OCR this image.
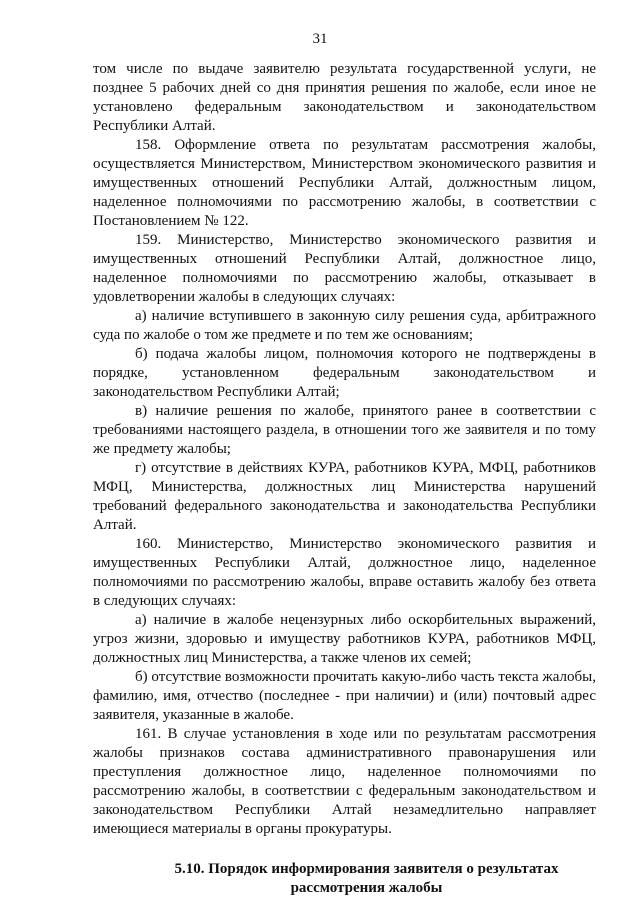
31

том числе по выдаче заявителю результата государственной услуги, не позднее 5 рабочих дней со дня принятия решения по жалобе, если иное не установлено федеральным законодательством и законодательством Республики Алтай.

158. Оформление ответа по результатам рассмотрения жалобы, осуществляется Министерством, Министерством экономического развития и имущественных отношений Республики Алтай, должностным лицом, наделенное полномочиями по рассмотрению жалобы, в соответствии с Постановлением № 122.

159. Министерство, Министерство экономического развития и имущественных отношений Республики Алтай, должностное лицо, наделенное полномочиями по рассмотрению жалобы, отказывает в удовлетворении жалобы в следующих случаях:

а) наличие вступившего в законную силу решения суда, арбитражного суда по жалобе о том же предмете и по тем же основаниям;

б) подача жалобы лицом, полномочия которого не подтверждены в порядке, установленном федеральным законодательством и законодательством Республики Алтай;

в) наличие решения по жалобе, принятого ранее в соответствии с требованиями настоящего раздела, в отношении того же заявителя и по тому же предмету жалобы;

г) отсутствие в действиях КУРА, работников КУРА, МФЦ, работников МФЦ, Министерства, должностных лиц Министерства нарушений требований федерального законодательства и законодательства Республики Алтай.

160. Министерство, Министерство экономического развития и имущественных Республики Алтай, должностное лицо, наделенное полномочиями по рассмотрению жалобы, вправе оставить жалобу без ответа в следующих случаях:

а) наличие в жалобе нецензурных либо оскорбительных выражений, угроз жизни, здоровью и имуществу работников КУРА, работников МФЦ, должностных лиц Министерства, а также членов их семей;

б) отсутствие возможности прочитать какую-либо часть текста жалобы, фамилию, имя, отчество (последнее - при наличии) и (или) почтовый адрес заявителя, указанные в жалобе.

161. В случае установления в ходе или по результатам рассмотрения жалобы признаков состава административного правонарушения или преступления должностное лицо, наделенное полномочиями по рассмотрению жалобы, в соответствии с федеральным законодательством и законодательством Республики Алтай незамедлительно направляет имеющиеся материалы в органы прокуратуры.

5.10. Порядок информирования заявителя о результатах
рассмотрения жалобы
